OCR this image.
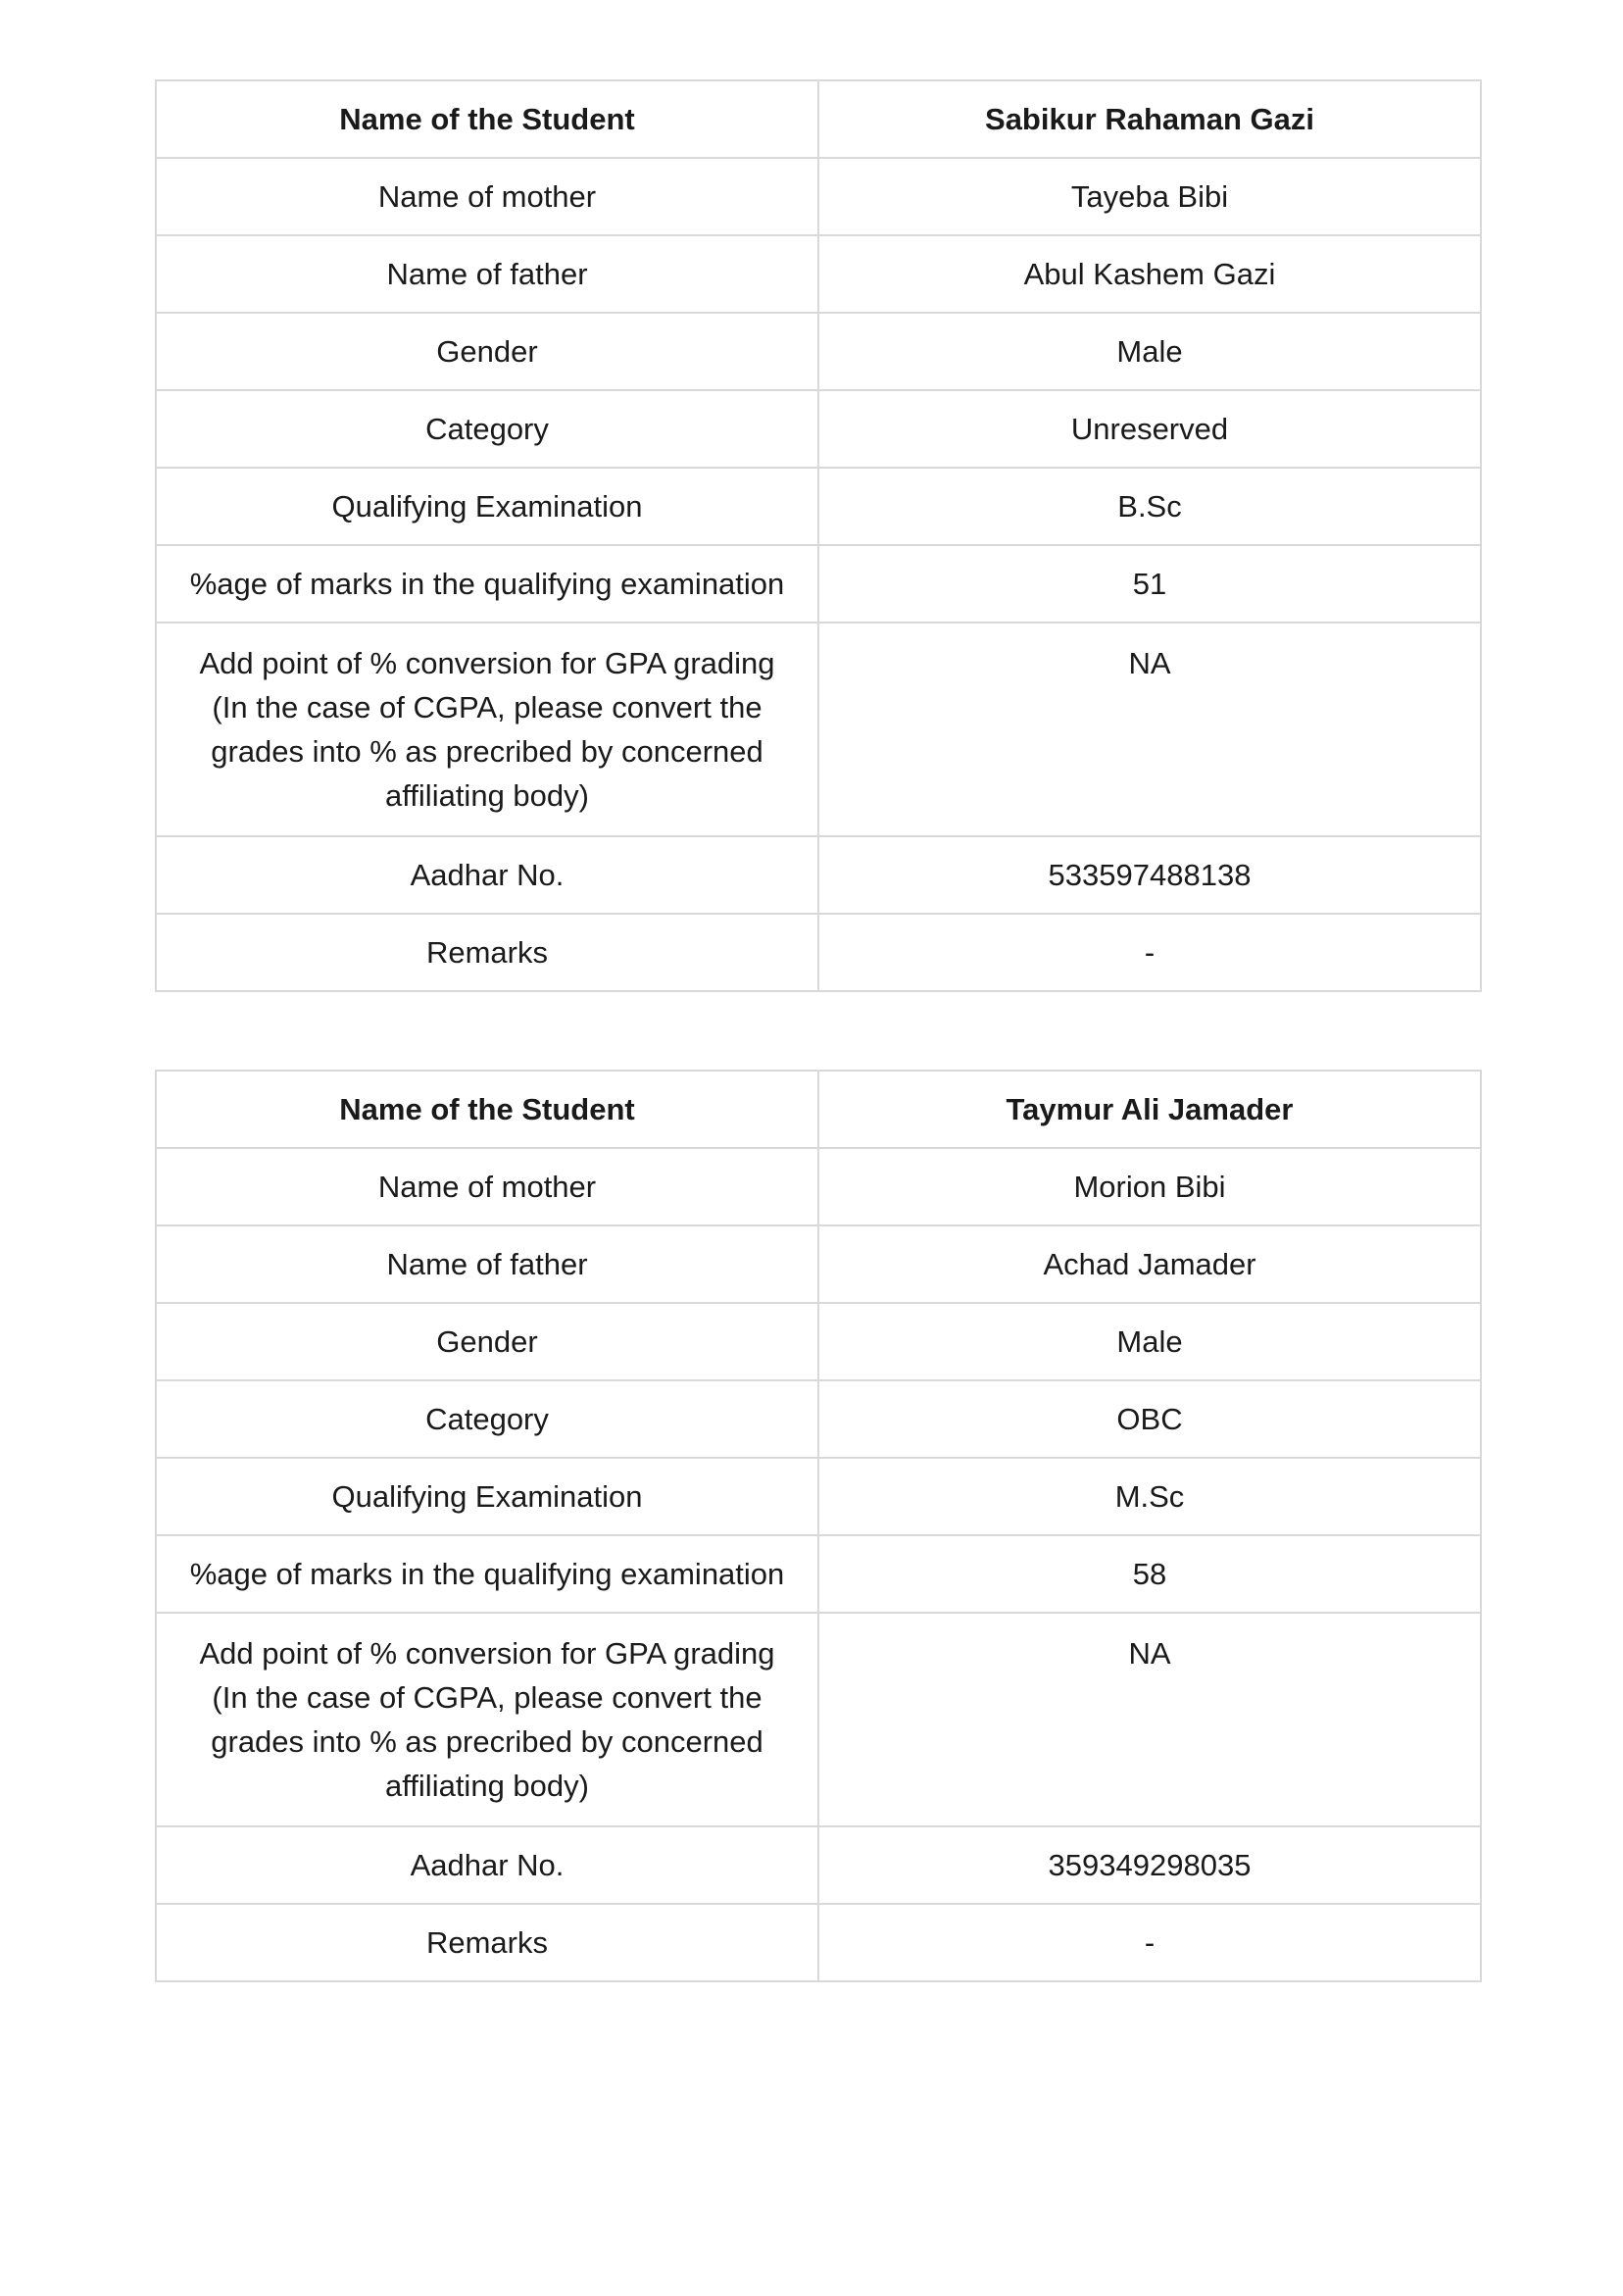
Name of the Student	Sabikur Rahaman Gazi
Name of mother	Tayeba Bibi
Name of father	Abul Kashem Gazi
Gender	Male
Category	Unreserved
Qualifying Examination	B.Sc
%age of marks in the qualifying examination	51
Add point of % conversion for GPA grading (In the case of CGPA, please convert the grades into % as precribed by concerned affiliating body)	NA
Aadhar No.	533597488138
Remarks	-
Name of the Student	Taymur Ali Jamader
Name of mother	Morion Bibi
Name of father	Achad Jamader
Gender	Male
Category	OBC
Qualifying Examination	M.Sc
%age of marks in the qualifying examination	58
Add point of % conversion for GPA grading (In the case of CGPA, please convert the grades into % as precribed by concerned affiliating body)	NA
Aadhar No.	359349298035
Remarks	-
